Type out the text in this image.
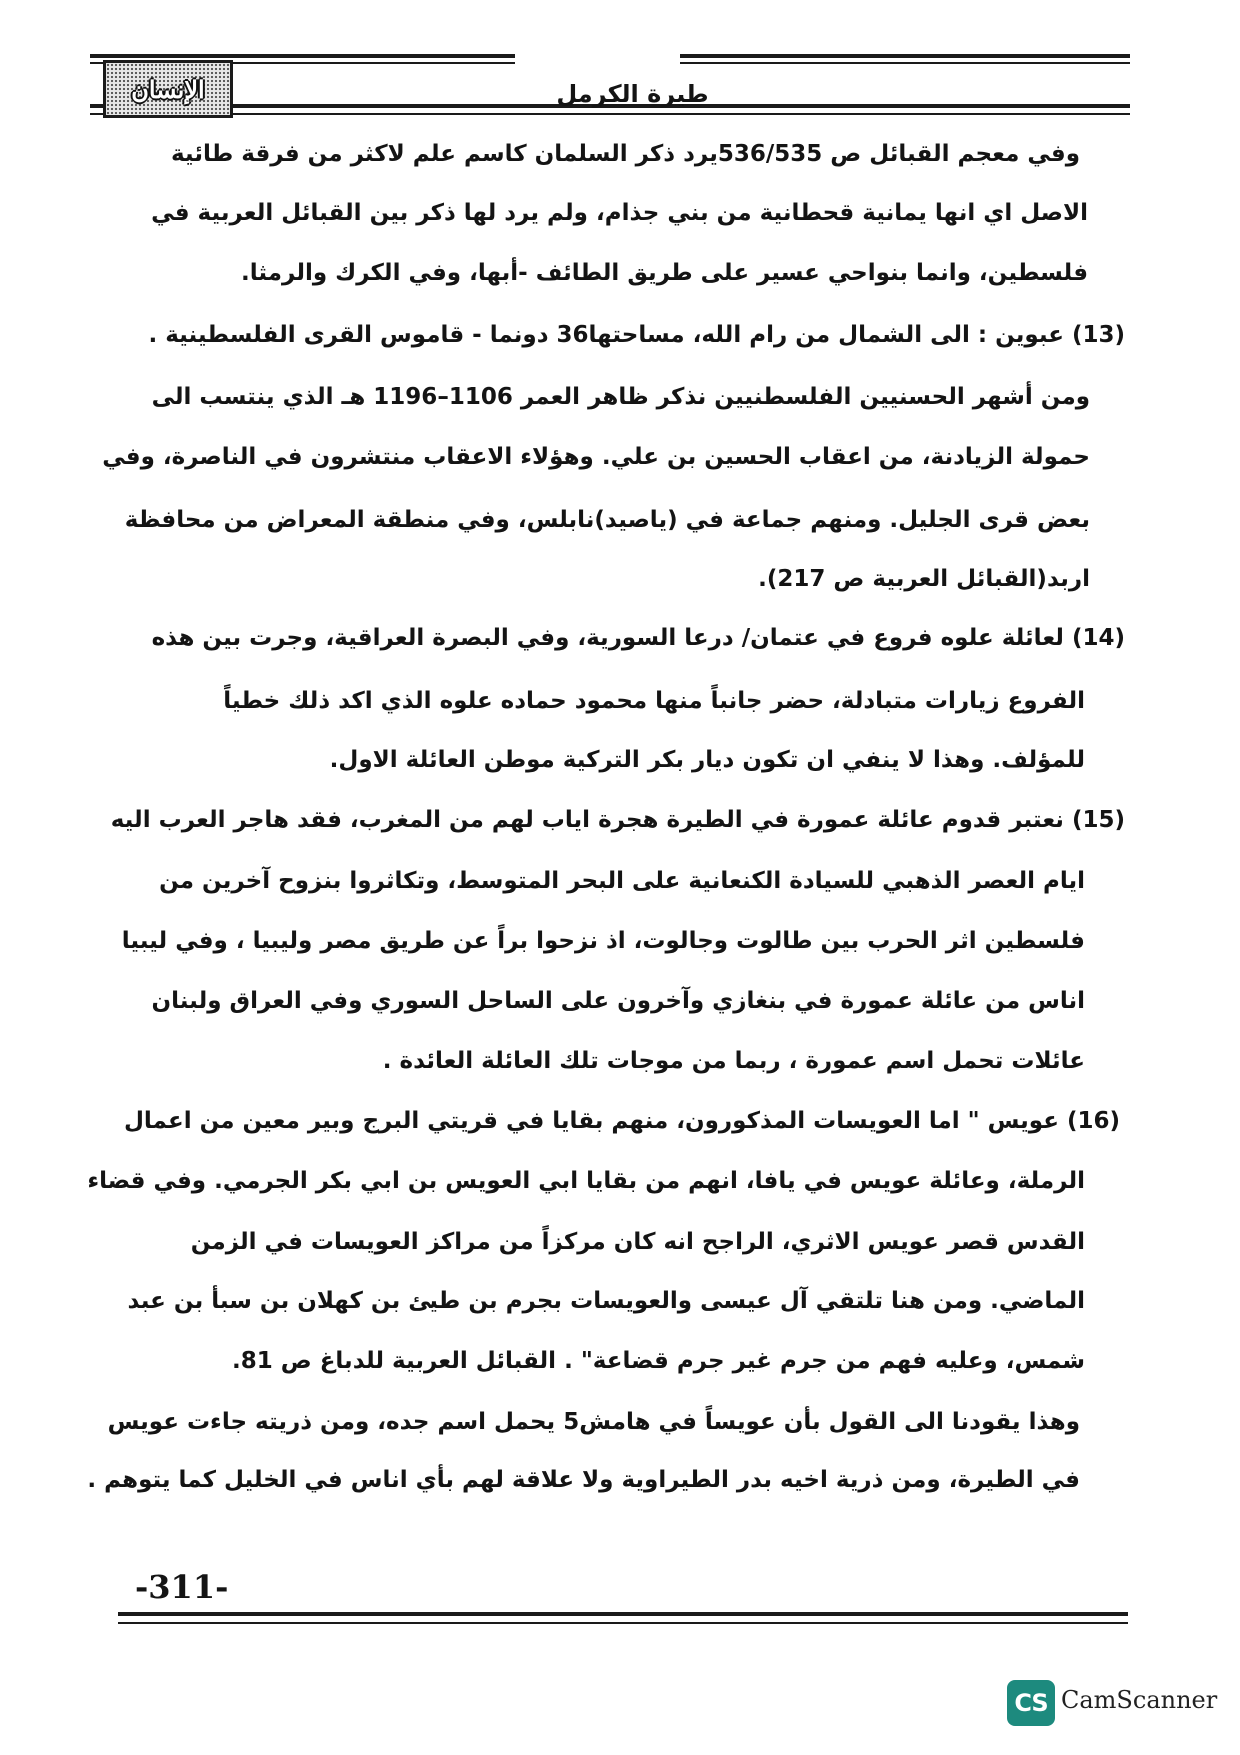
الإنسان	طيرة الكرمل
وفي معجم القبائل ص 536/535يرد ذكر السلمان كاسم علم لاكثر من فرقة طائية
الاصل اي انها يمانية قحطانية من بني جذام، ولم يرد لها ذكر بين القبائل العربية في
فلسطين، وانما بنواحي عسير على طريق الطائف -أبها، وفي الكرك والرمثا.
(13) عبوين : الى الشمال من رام الله، مساحتها36 دونما - قاموس القرى الفلسطينية .
ومن أشهر الحسنيين الفلسطنيين نذكر ظاهر العمر 1106–1196 هـ الذي ينتسب الى
حمولة الزيادنة، من اعقاب الحسين بن علي. وهؤلاء الاعقاب منتشرون في الناصرة، وفي
بعض قرى الجليل. ومنهم جماعة في (ياصيد)نابلس، وفي منطقة المعراض من محافظة
اربد(القبائل العربية ص 217).
(14) لعائلة علوه فروع في عتمان/ درعا السورية، وفي البصرة العراقية، وجرت بين هذه
الفروع زيارات متبادلة، حضر جانباً منها محمود حماده علوه الذي اكد ذلك خطياً
للمؤلف. وهذا لا ينفي ان تكون ديار بكر التركية موطن العائلة الاول.
(15) نعتبر قدوم عائلة عمورة في الطيرة هجرة اياب لهم من المغرب، فقد هاجر العرب اليه
ايام العصر الذهبي للسيادة الكنعانية على البحر المتوسط، وتكاثروا بنزوح آخرين من
فلسطين اثر الحرب بين طالوت وجالوت، اذ نزحوا براً عن طريق مصر وليبيا ، وفي ليبيا
اناس من عائلة عمورة في بنغازي وآخرون على الساحل السوري وفي العراق ولبنان
عائلات تحمل اسم عمورة ، ربما من موجات تلك العائلة العائدة .
(16) عويس " اما العويسات المذكورون، منهم بقايا في قريتي البرج وبير معين من اعمال
الرملة، وعائلة عويس في يافا، انهم من بقايا ابي العويس بن ابي بكر الجرمي. وفي قضاء
القدس قصر عويس الاثري، الراجح انه كان مركزاً من مراكز العويسات في الزمن
الماضي. ومن هنا تلتقي آل عيسى والعويسات بجرم بن طيئ بن كهلان بن سبأ بن عبد
شمس، وعليه فهم من جرم غير جرم قضاعة" . القبائل العربية للدباغ ص 81.
وهذا يقودنا الى القول بأن عويساً في هامش5 يحمل اسم جده، ومن ذريته جاءت عويس
في الطيرة، ومن ذرية اخيه بدر الطيراوية ولا علاقة لهم بأي اناس في الخليل كما يتوهم .
-311-
CS CamScanner
